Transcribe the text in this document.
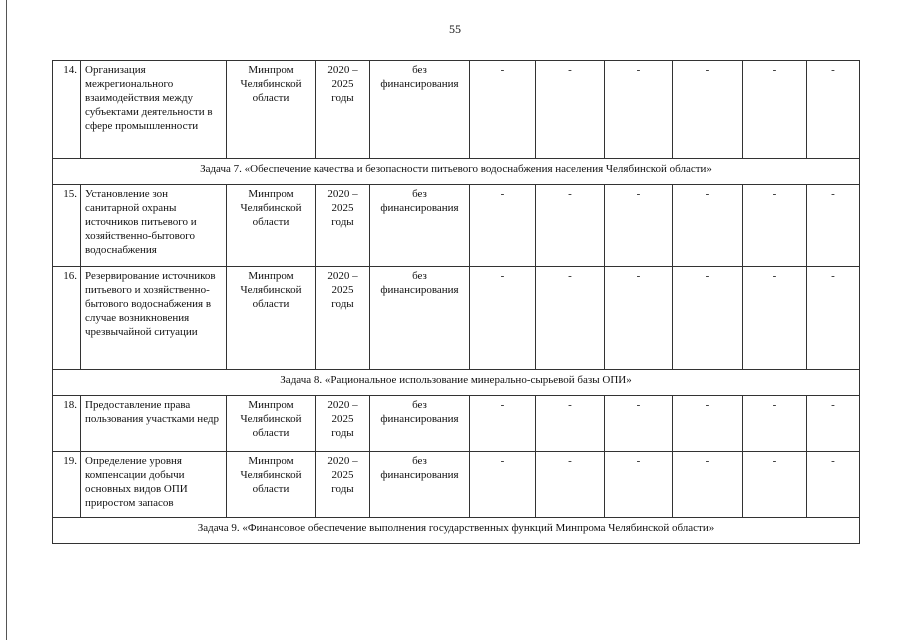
55
14.	Организация межрегионального взаимодействия между субъектами деятельности в сфере промышленности	Минпром Челябинской области	2020 – 2025 годы	без финансирования	-	-	-	-	-	-
Задача 7. «Обеспечение качества и безопасности питьевого водоснабжения населения Челябинской области»										
15.	Установление зон санитарной охраны источников питьевого и хозяйственно-бытового водоснабжения	Минпром Челябинской области	2020 – 2025 годы	без финансирования	-	-	-	-	-	-
16.	Резервирование источников питьевого и хозяйственно-бытового водоснабжения в случае возникновения чрезвычайной ситуации	Минпром Челябинской области	2020 – 2025 годы	без финансирования	-	-	-	-	-	-
Задача 8. «Рациональное использование минерально-сырьевой базы ОПИ»										
18.	Предоставление права пользования участками недр	Минпром Челябинской области	2020 – 2025 годы	без финансирования	-	-	-	-	-	-
19.	Определение уровня компенсации добычи основных видов ОПИ приростом запасов	Минпром Челябинской области	2020 – 2025 годы	без финансирования	-	-	-	-	-	-
Задача 9. «Финансовое обеспечение выполнения государственных функций Минпрома Челябинской области»										
